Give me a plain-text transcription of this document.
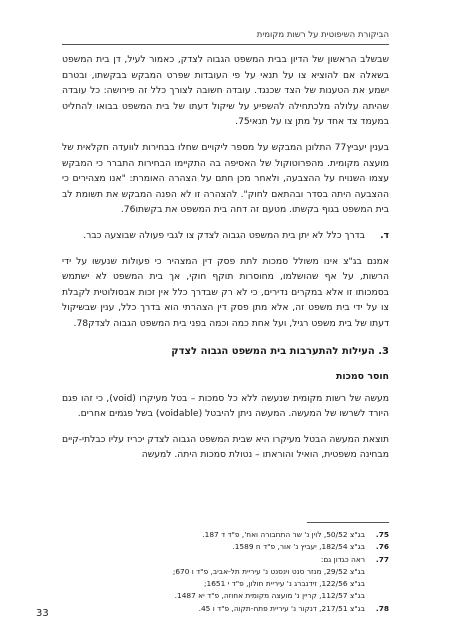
הביקורת השיפוטית על רשות מקומית

שבשלב הראשון של הדיון בבית המשפט הגבוה לצדק, כאמור לעיל, דן בית המשפט בשאלה אם להוציא צו על תנאי על פי העובדות שפרט המבקש בבקשתו, ובטרם ישמע את הטענות של הצד שכנגד. עובדה חשובה לצורך כלל זה פירושה: כל עובדה שהיתה עלולה מלכתחילה להשפיע על שיקול דעתו של בית המשפט בבואו להחליט במעמד צד אחד על מתן צו על תנאי75.

בענין יעביץ77 התלונן המבקש על מספר ליקויים שחלו בבחירות לוועדה חקלאית של מועצה מקומית. מהפרוטוקול של האסיפה בה התקיימו הבחירות התברר כי המבקש עצמו השנויח על ההצבעה, ולאחר מכן חתם על הצהרה האומרת: "אנו מצהירים כי ההצבעה היתה בסדר ובהתאם לחוק". להצהרה זו לא הפנה המבקש את תשומת לב בית המשפט בגוף בקשתו. מטעם זה דחה בית המשפט את בקשתו76.

ד.
בדרך כלל לא יתן בית המשפט הגבוה לצדק צו לגבי פעולה שבוצעה כבר.

אמנם בג"צ אינו משולל סמכות לתת פסק דין המצהיר כי פעולות שנעשו על ידי הרשות, על אף שהושלמו, מחוסרות תוקף חוקי, אך בית המשפט לא ישתמש בסמכותו זו אלא במקרים נדירים, כי לא רק שבדרך כלל אין זכות אבסולוטית לקבלת צו על ידי בית משפט זה, אלא מתן פסק דין הצהרתי הוא בדרך כלל, ענין שבשיקול דעתו של בית משפט רגיל, ועל אחת כמה וכמה בפני בית המשפט הגבוה לצדק78.

3. העילות להתערבות בית המשפט הגבוה לצדק
חוסר סמכות

מעשה של רשות מקומית שנעשה ללא כל סמכות – בטל מעיקרו (void), כי זהו פגם היורד לשרשו של המעשה. המעשה ניתן להיבטל (voidable) בשל פגמים אחרים.

תוצאת המעשה הבטל מעיקרו היא שבית המשפט הגבוה לצדק יכריז עליו כבלתי-קיים מבחינה משפטית, הואיל והוראתו – נטולת סמכות היתה. למעשה

75.
בג"צ 50/52, לוין נ' שר התחבורה ואח', פ"ד ד 187.
76.
בג"צ 182/54, יעביץ נ' אור, פ"ד ח 1589.
77.
ראה כגדון גם:
בג"צ 29/52, מנזר סנט וינסנט נ' עיריית תל-אביב, פ"ד ו 670;
בג"צ 122/56, זידנברג נ' עיריית חולון, פ"ד י 1651;
בג"צ 112/57, קריין נ' מועצה מקומית אחוזה, פ"ד יא 1487.
78.
בג"צ 217/51, דנקור נ' עיריית פתח-תקוה, פ"ד ו 45.
33
